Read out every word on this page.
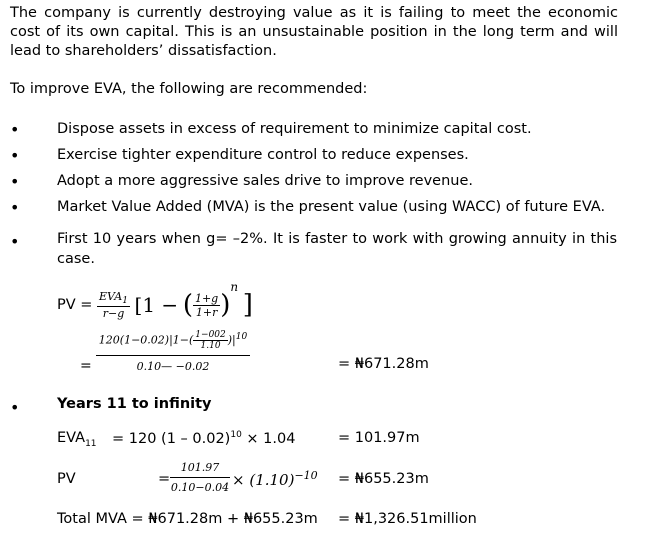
The company is currently destroying value as it is failing to meet the economic cost of its own capital. This is an unsustainable position in the long term and will lead to shareholders’ dissatisfaction.
To improve EVA, the following are recommended:
•	Dispose assets in excess of requirement to minimize capital cost.
•	Exercise tighter expenditure control to reduce expenses.
•	Adopt a more aggressive sales drive to improve revenue.
•	Market Value Added (MVA) is the present value (using WACC) of future EVA.
•	First 10 years when g= –2%. It is faster to work with growing annuity in this case.
PV = $\frac{EVA_1}{r-g} [1$ − ( $\frac{1+g}{1+r} )^n$ ]
=
$120(1-0.02)|1-( \frac{1-002}{1.10} )|^{10}$
0.10— −0.02	= ₦671.28m
•	Years 11 to infinity
$EVA_{11} = 120$ (1 – 0.02)$^{10}$ × 1.04	= 101.97m
PV	= $\frac{101.97}{0.10-0.04} \times (1.10)^{-10}$ = ₦655.23m
Total MVA = ₦671.28m + ₦655.23m = ₦1,326.51million
